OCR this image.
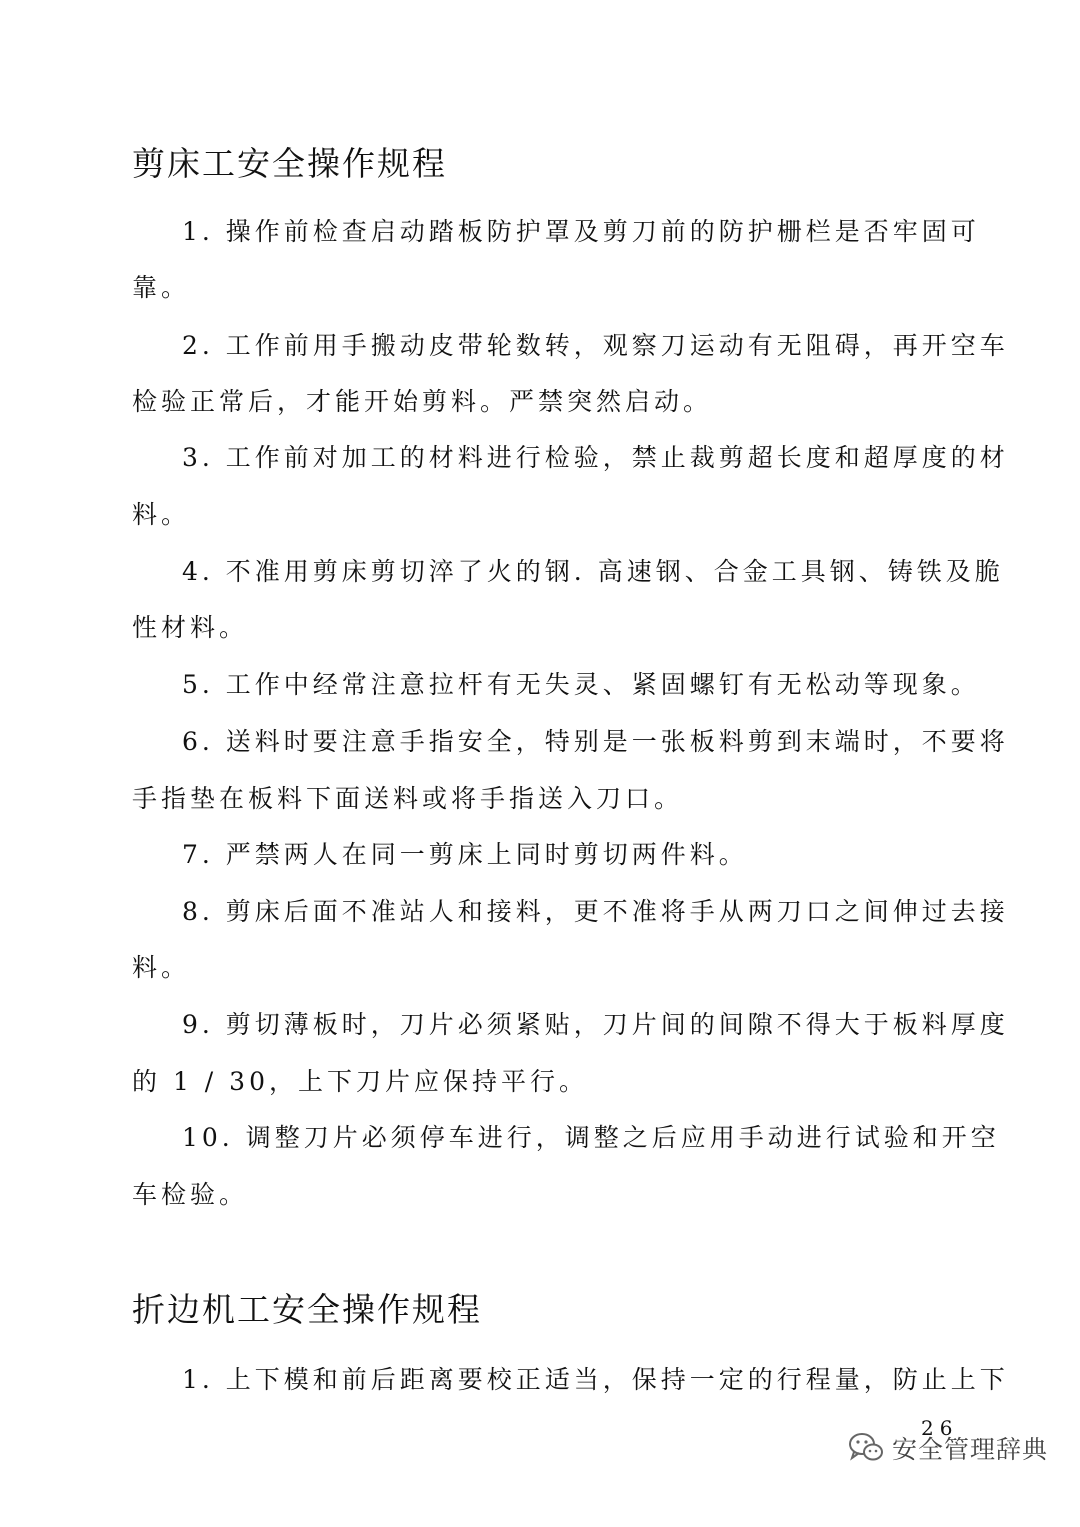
剪床工安全操作规程
1. 操作前检查启动踏板防护罩及剪刀前的防护栅栏是否牢固可
靠。
2. 工作前用手搬动皮带轮数转，观察刀运动有无阻碍，再开空车
检验正常后，才能开始剪料。严禁突然启动。
3. 工作前对加工的材料进行检验，禁止裁剪超长度和超厚度的材
料。
4. 不准用剪床剪切淬了火的钢. 高速钢、合金工具钢、铸铁及脆
性材料。
5. 工作中经常注意拉杆有无失灵、紧固螺钉有无松动等现象。
6. 送料时要注意手指安全，特别是一张板料剪到末端时，不要将
手指垫在板料下面送料或将手指送入刀口。
7. 严禁两人在同一剪床上同时剪切两件料。
8. 剪床后面不准站人和接料，更不准将手从两刀口之间伸过去接
料。
9. 剪切薄板时，刀片必须紧贴，刀片间的间隙不得大于板料厚度
的 1 / 30，上下刀片应保持平行。
10. 调整刀片必须停车进行，调整之后应用手动进行试验和开空
车检验。
折边机工安全操作规程
1. 上下模和前后距离要校正适当，保持一定的行程量，防止上下
26
安全管理辞典
